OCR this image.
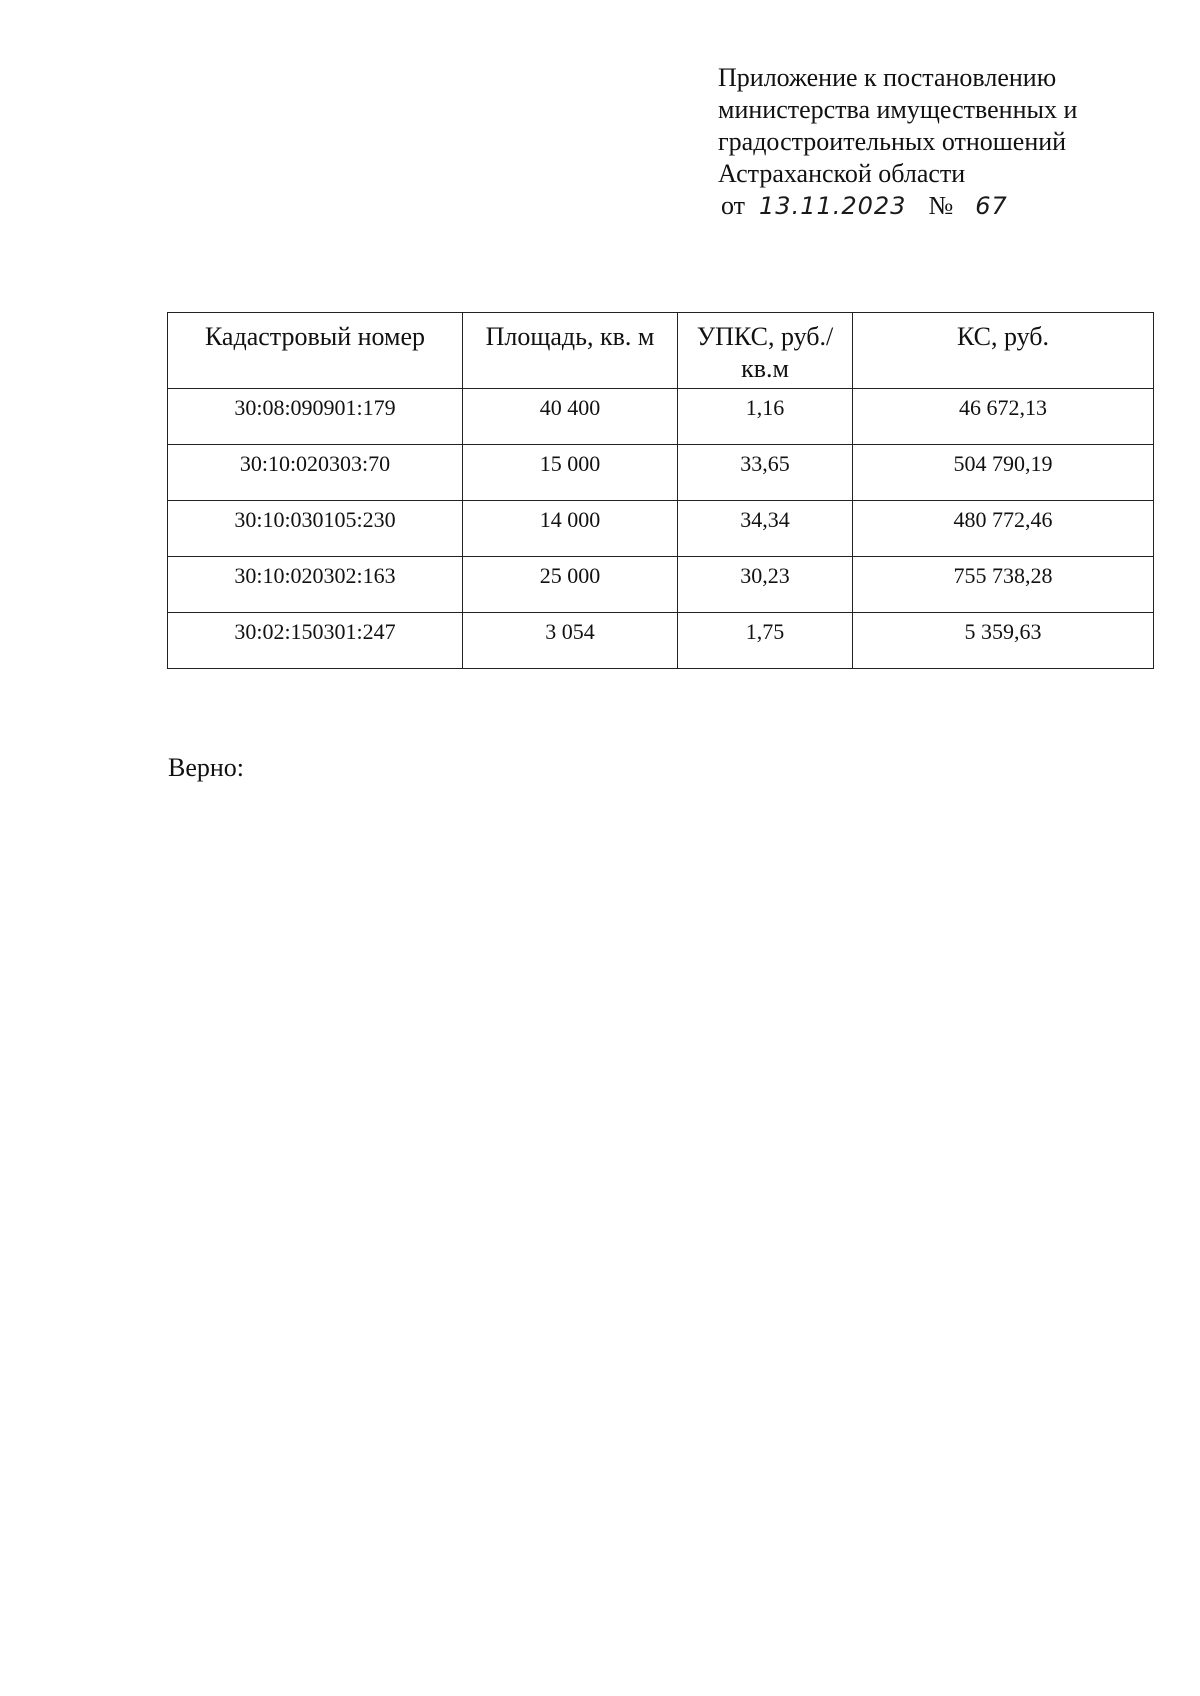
Приложение к постановлению
министерства имущественных и
градостроительных отношений
Астраханской области
от 13.11.2023 № 67
Кадастровый номер	Площадь, кв. м	УПКС, руб./кв.м	КС, руб.
30:08:090901:179	40 400	1,16	46 672,13
30:10:020303:70	15 000	33,65	504 790,19
30:10:030105:230	14 000	34,34	480 772,46
30:10:020302:163	25 000	30,23	755 738,28
30:02:150301:247	3 054	1,75	5 359,63
Верно:
